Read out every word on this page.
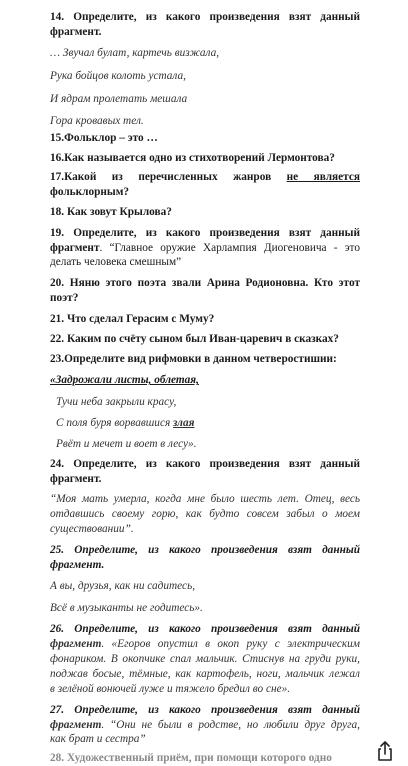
14. Определите, из какого произведения взят данный
фрагмент.
… Звучал булат, картечь визжала,
Рука бойцов колоть устала,
И ядрам пролетать мешала
Гора кровавых тел.
15.Фольклор – это …
16.Как называется одно из стихотворений Лермонтова?
17.Какой из перечисленных жанров не является
фольклорным?
18. Как зовут Крылова?
19. Определите, из какого произведения взят данный
фрагмент. “Главное оружие Харлампия Диогеновича - это
делать человека смешным”
20. Няню этого поэта звали Арина Родионовна. Кто этот
поэт?
21. Что сделал Герасим с Муму?
22. Каким по счёту сыном был Иван-царевич в сказках?
23.Определите вид рифмовки в данном четверостишии:
«Задрожали листы, облетая,
Тучи неба закрыли красу,
С поля буря ворвавшися злая
Рвёт и мечет и воет в лесу».
24. Определите, из какого произведения взят данный
фрагмент.
“Моя мать умерла, когда мне было шесть лет. Отец, весь
отдавшись своему горю, как будто совсем забыл о моем
существовании”.
25. Определите, из какого произведения взят данный
фрагмент.
А вы, друзья, как ни садитесь,
Всё в музыканты не годитесь».
26. Определите, из какого произведения взят данный
фрагмент. «Егоров опустил в окоп руку с электрическим
фонариком. В окопчике спал мальчик. Стиснув на груди руки,
поджав босые, тёмные, как картофель, ноги, мальчик лежал
в зелёной вонючей луже и тяжело бредил во сне».
27. Определите, из какого произведения взят данный
фрагмент. “Они не были в родстве, но любили друг друга,
как брат и сестра”
28. Художественный приём, при помощи которого одно
